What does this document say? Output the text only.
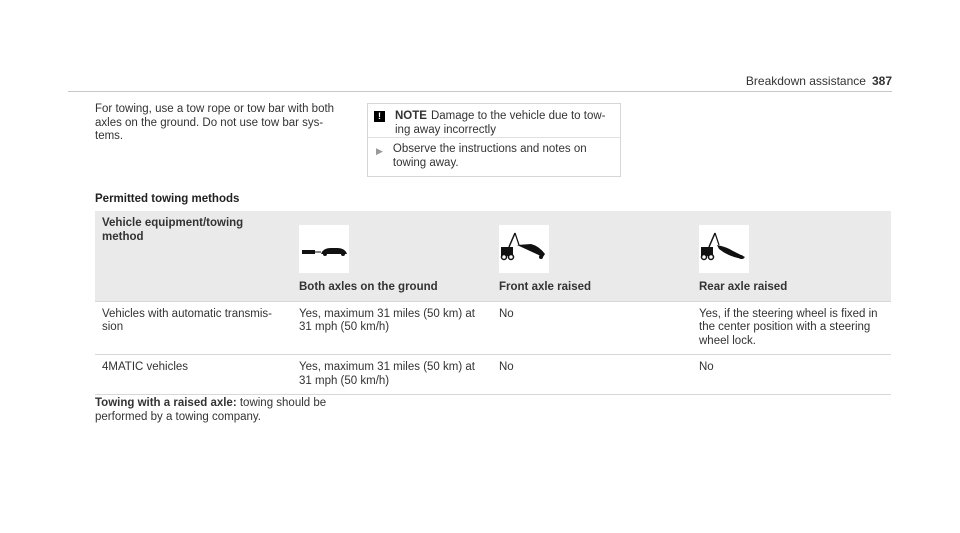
Breakdown assistance 387
For towing, use a tow rope or tow bar with both axles on the ground. Do not use tow bar sys-tems.
!	NOTE Damage to the vehicle due to tow-ing away incorrectly
▶ Observe the instructions and notes on towing away.
Permitted towing methods
Vehicle equipment/towing method	Both axles on the ground	Front axle raised	Rear axle raised

Vehicles with automatic transmis-sion	Yes, maximum 31 miles (50 km) at 31 mph (50 km/h)	No	Yes, if the steering wheel is fixed in the center position with a steering wheel lock.
4MATIC vehicles	Yes, maximum 31 miles (50 km) at 31 mph (50 km/h)	No	No
Towing with a raised axle: towing should be performed by a towing company.
